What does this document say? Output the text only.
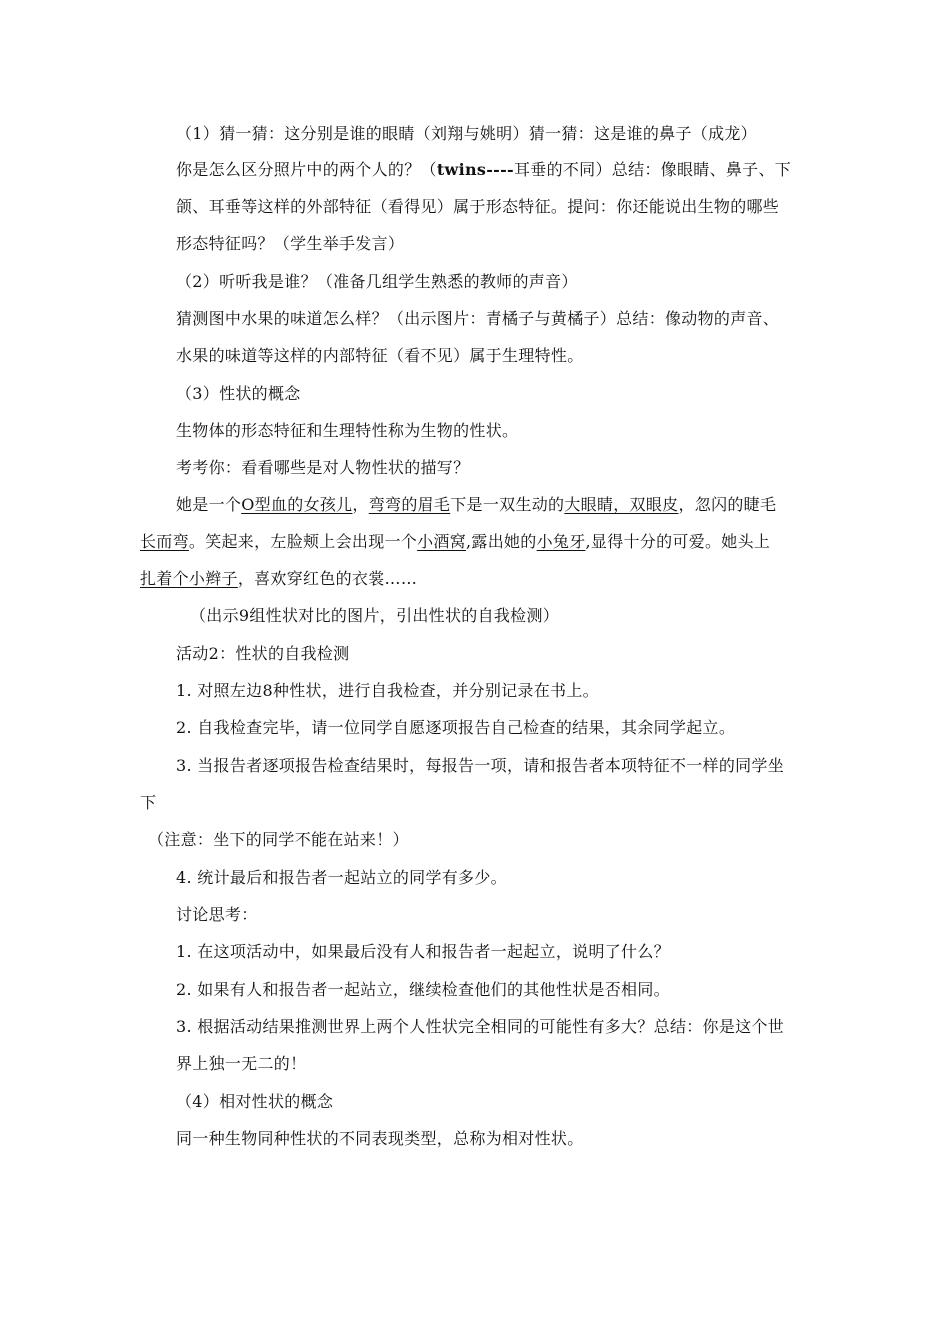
（1）猜一猜：这分别是谁的眼睛（刘翔与姚明）猜一猜：这是谁的鼻子（成龙）
你是怎么区分照片中的两个人的？（twins----耳垂的不同）总结：像眼睛、鼻子、下
颌、耳垂等这样的外部特征（看得见）属于形态特征。提问：你还能说出生物的哪些
形态特征吗？（学生举手发言）
（2）听听我是谁？（准备几组学生熟悉的教师的声音）
猜测图中水果的味道怎么样？（出示图片：青橘子与黄橘子）总结：像动物的声音、
水果的味道等这样的内部特征（看不见）属于生理特性。
（3）性状的概念
生物体的形态特征和生理特性称为生物的性状。
考考你：看看哪些是对人物性状的描写？
她是一个O型血的女孩儿，弯弯的眉毛下是一双生动的大眼睛，双眼皮，忽闪的睫毛
长而弯。笑起来，左脸颊上会出现一个小酒窝,露出她的小兔牙,显得十分的可爱。她头上
扎着个小辫子，喜欢穿红色的衣裳……
（出示9组性状对比的图片，引出性状的自我检测）
活动2：性状的自我检测
1. 对照左边8种性状，进行自我检查，并分别记录在书上。
2. 自我检查完毕，请一位同学自愿逐项报告自己检查的结果，其余同学起立。
3. 当报告者逐项报告检查结果时，每报告一项，请和报告者本项特征不一样的同学坐
下
（注意：坐下的同学不能在站来！）
4. 统计最后和报告者一起站立的同学有多少。
讨论思考：
1. 在这项活动中，如果最后没有人和报告者一起起立，说明了什么？
2. 如果有人和报告者一起站立，继续检查他们的其他性状是否相同。
3. 根据活动结果推测世界上两个人性状完全相同的可能性有多大？总结：你是这个世
界上独一无二的！
（4）相对性状的概念
同一种生物同种性状的不同表现类型，总称为相对性状。
